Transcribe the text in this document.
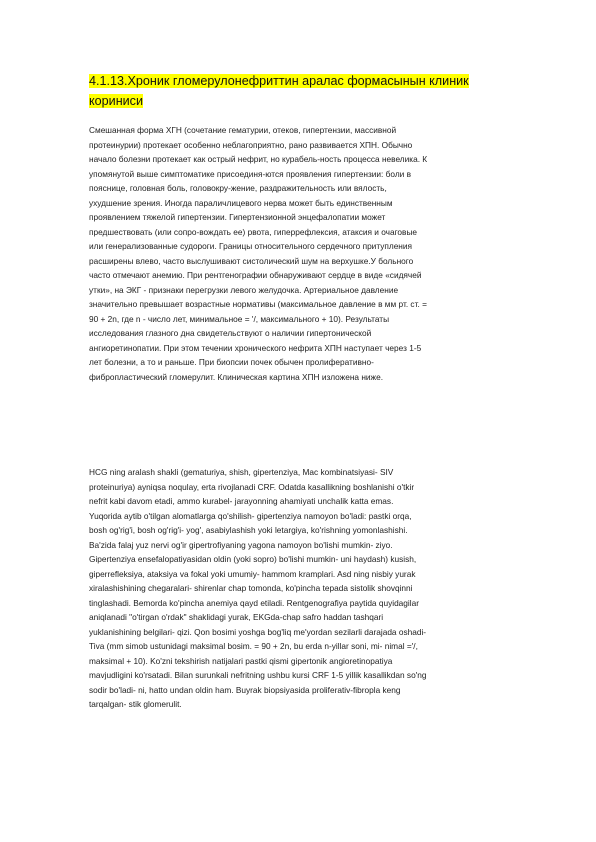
4.1.13.Хроник гломерулонефриттин аралас формасынын клиник
кориниси
Смешанная форма ХГН (сочетание гематурии, отеков, гипертензии, массивной
протеинурии) протекает особенно неблагоприятно, рано развивается ХПН. Обычно
начало болезни протекает как острый нефрит, но курабель-ность процесса невелика. К
упомянутой выше симптоматике присоединя-ются проявления гипертензии: боли в
пояснице, головная боль, головокру-жение, раздражительность или вялость,
ухудшение зрения. Иногда параличлицевого нерва может быть единственным
проявлением тяжелой гипертензии. Гипертензионной энцефалопатии может
предшествовать (или сопро-вождать ее) рвота, гиперрефлексия, атаксия и очаговые
или генерализованные судороги. Границы относительного сердечного притупления
расширены влево, часто выслушивают систолический шум на верхушке.У больного
часто отмечают анемию. При рентгенографии обнаруживают сердце в виде «сидячей
утки», на ЭКГ - признаки перегрузки левого желудочка. Артериальное давление
значительно превышает возрастные нормативы (максимальное давление в мм рт. ст. =
90 + 2n, где n - число лет, минимальное = '/, максимального + 10). Результаты
исследования глазного дна свидетельствуют о наличии гипертонической
ангиоретинопатии. При этом течении хронического нефрита ХПН наступает через 1-5
лет болезни, а то и раньше. При биопсии почек обычен пролиферативно-
фибропластический гломерулит. Клиническая картина ХПН изложена ниже.
HCG ning aralash shakli (gematuriya, shish, gipertenziya, Mac kombinatsiyasi- SIV
proteinuriya) ayniqsa noqulay, erta rivojlanadi CRF. Odatda kasallikning boshlanishi o'tkir
nefrit kabi davom etadi, ammo kurabel- jarayonning ahamiyati unchalik katta emas.
Yuqorida aytib o'tilgan alomatlarga qo'shilish- gipertenziya namoyon bo'ladi: pastki orqa,
bosh og'rig'i, bosh og'rig'i- yog', asabiylashish yoki letargiya, ko'rishning yomonlashishi.
Ba'zida falaj yuz nervi og'ir gipertrofiyaning yagona namoyon bo'lishi mumkin- ziyo.
Gipertenziya ensefalopatiyasidan oldin (yoki sopro) bo'lishi mumkin- uni haydash) kusish,
giperrefleksiya, ataksiya va fokal yoki umumiy- hammom kramplari. Asd ning nisbiy yurak
xiralashishining chegaralari- shirenlar chap tomonda, ko'pincha tepada sistolik shovqinni
tinglashadi. Bemorda ko'pincha anemiya qayd etiladi. Rentgenografiya paytida quyidagilar
aniqlanadi "o'tirgan o'rdak" shaklidagi yurak, EKGda-chap safro haddan tashqari
yuklanishining belgilari- qizi. Qon bosimi yoshga bog'liq me'yordan sezilarli darajada oshadi-
Tiva (mm simob ustunidagi maksimal bosim. = 90 + 2n, bu erda n-yillar soni, mi- nimal ='/,
maksimal + 10). Ko'zni tekshirish natijalari pastki qismi gipertonik angioretinopatiya
mavjudligini ko'rsatadi. Bilan surunkali nefritning ushbu kursi CRF 1-5 yillik kasallikdan so'ng
sodir bo'ladi- ni, hatto undan oldin ham. Buyrak biopsiyasida proliferativ-fibropla keng
tarqalgan- stik glomerulit.
